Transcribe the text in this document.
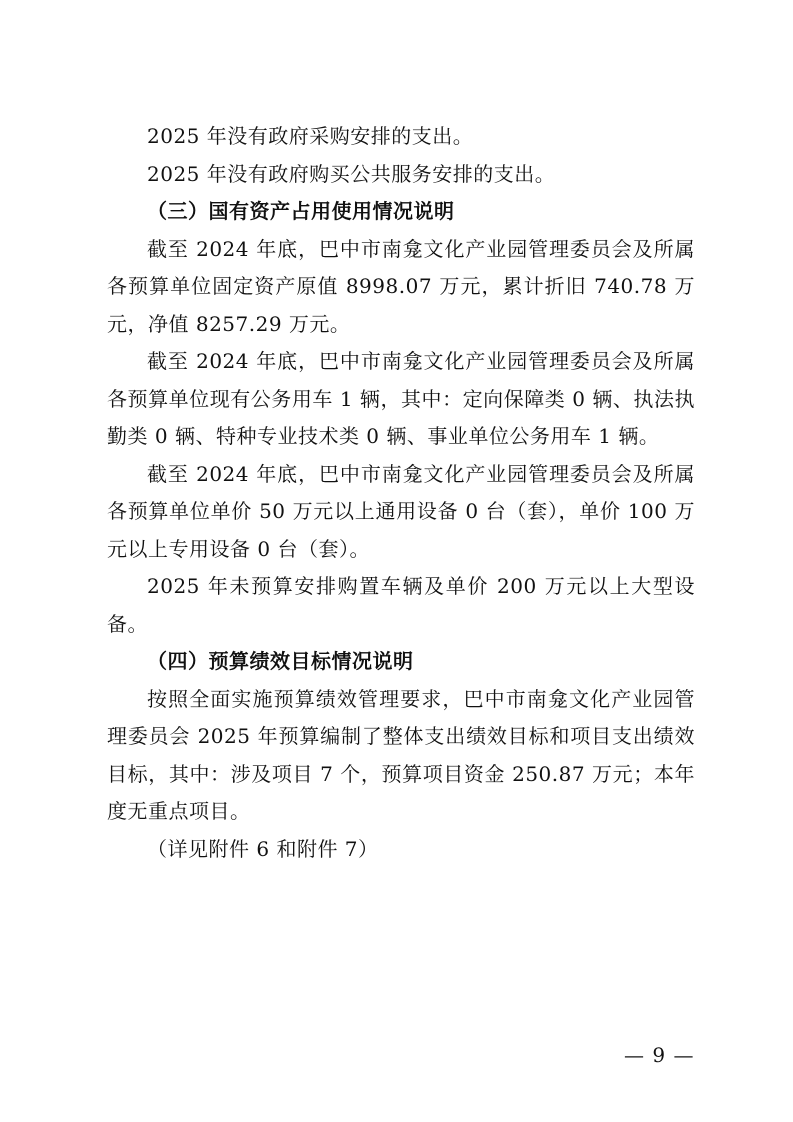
2025 年没有政府采购安排的支出。

2025 年没有政府购买公共服务安排的支出。

（三）国有资产占用使用情况说明

截至 2024 年底，巴中市南龛文化产业园管理委员会及所属各预算单位固定资产原值 8998.07 万元，累计折旧 740.78 万元，净值 8257.29 万元。

截至 2024 年底，巴中市南龛文化产业园管理委员会及所属各预算单位现有公务用车 1 辆，其中：定向保障类 0 辆、执法执勤类 0 辆、特种专业技术类 0 辆、事业单位公务用车 1 辆。

截至 2024 年底，巴中市南龛文化产业园管理委员会及所属各预算单位单价 50 万元以上通用设备 0 台（套），单价 100 万元以上专用设备 0 台（套）。

2025 年未预算安排购置车辆及单价 200 万元以上大型设备。

（四）预算绩效目标情况说明

按照全面实施预算绩效管理要求，巴中市南龛文化产业园管理委员会 2025 年预算编制了整体支出绩效目标和项目支出绩效目标，其中：涉及项目 7 个，预算项目资金 250.87 万元；本年度无重点项目。

（详见附件 6 和附件 7）

— 9 —
